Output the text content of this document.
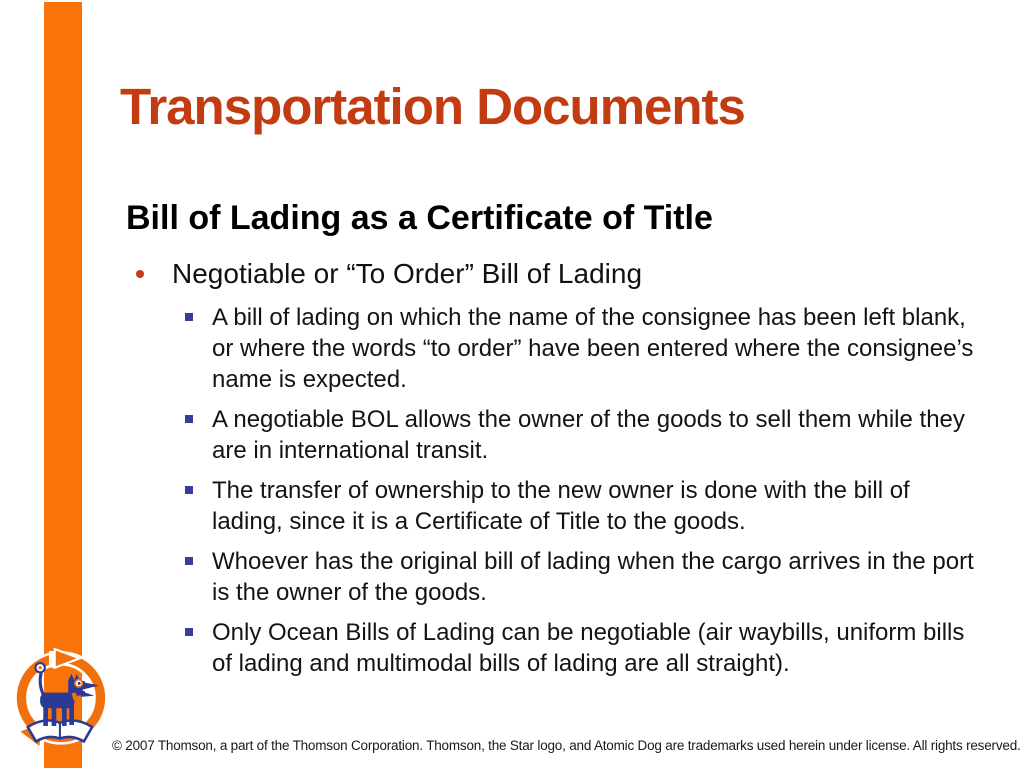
Transportation Documents
Bill of Lading as a Certificate of Title
Negotiable or “To Order” Bill of Lading
A bill of lading on which the name of the consignee has been left blank, or where the words “to order” have been entered where the consignee’s name is expected.
A negotiable BOL allows the owner of the goods to sell them while they are in international transit.
The transfer of ownership to the new owner is done with the bill of lading, since it is a Certificate of Title to the goods.
Whoever has the original bill of lading when the cargo arrives in the port is the owner of the goods.
Only Ocean Bills of Lading can be negotiable (air waybills, uniform bills of lading and multimodal bills of lading are all straight).
© 2007 Thomson, a part of the Thomson Corporation. Thomson, the Star logo, and Atomic Dog are trademarks used herein under license. All rights reserved.
